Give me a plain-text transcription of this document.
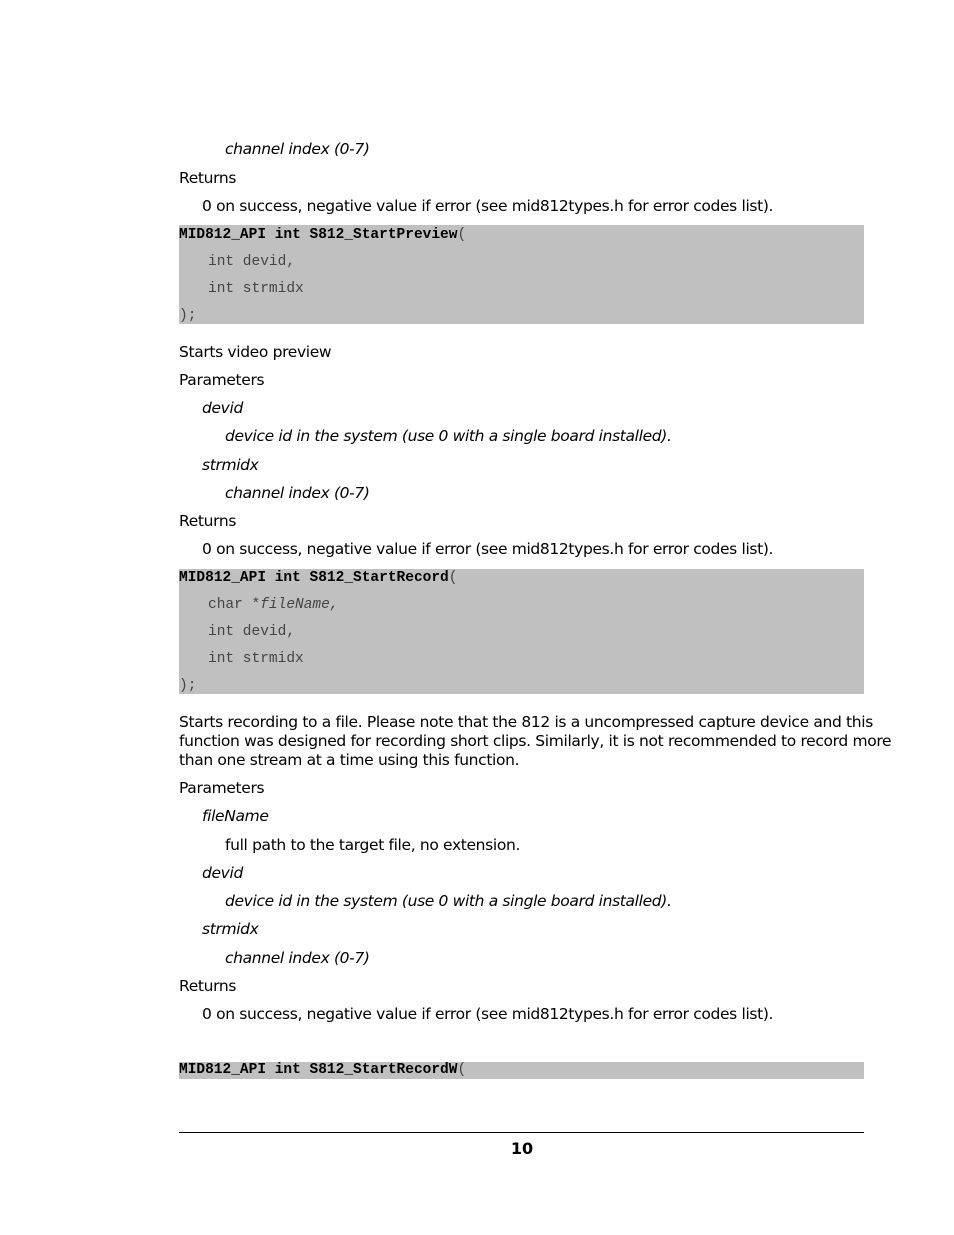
channel index (0-7)
Returns
0 on success, negative value if error (see mid812types.h for error codes list).
MID812_API int S812_StartPreview(
int devid,
int strmidx
);
Starts video preview
Parameters
devid
device id in the system (use 0 with a single board installed).
strmidx
channel index (0-7)
Returns
0 on success, negative value if error (see mid812types.h for error codes list).
MID812_API int S812_StartRecord(
char *fileName,
int devid,
int strmidx
);
Starts recording to a file. Please note that the 812 is a uncompressed capture device and this
function was designed for recording short clips. Similarly, it is not recommended to record more
than one stream at a time using this function.
Parameters
fileName
full path to the target file, no extension.
devid
device id in the system (use 0 with a single board installed).
strmidx
channel index (0-7)
Returns
0 on success, negative value if error (see mid812types.h for error codes list).
MID812_API int S812_StartRecordW(
10
